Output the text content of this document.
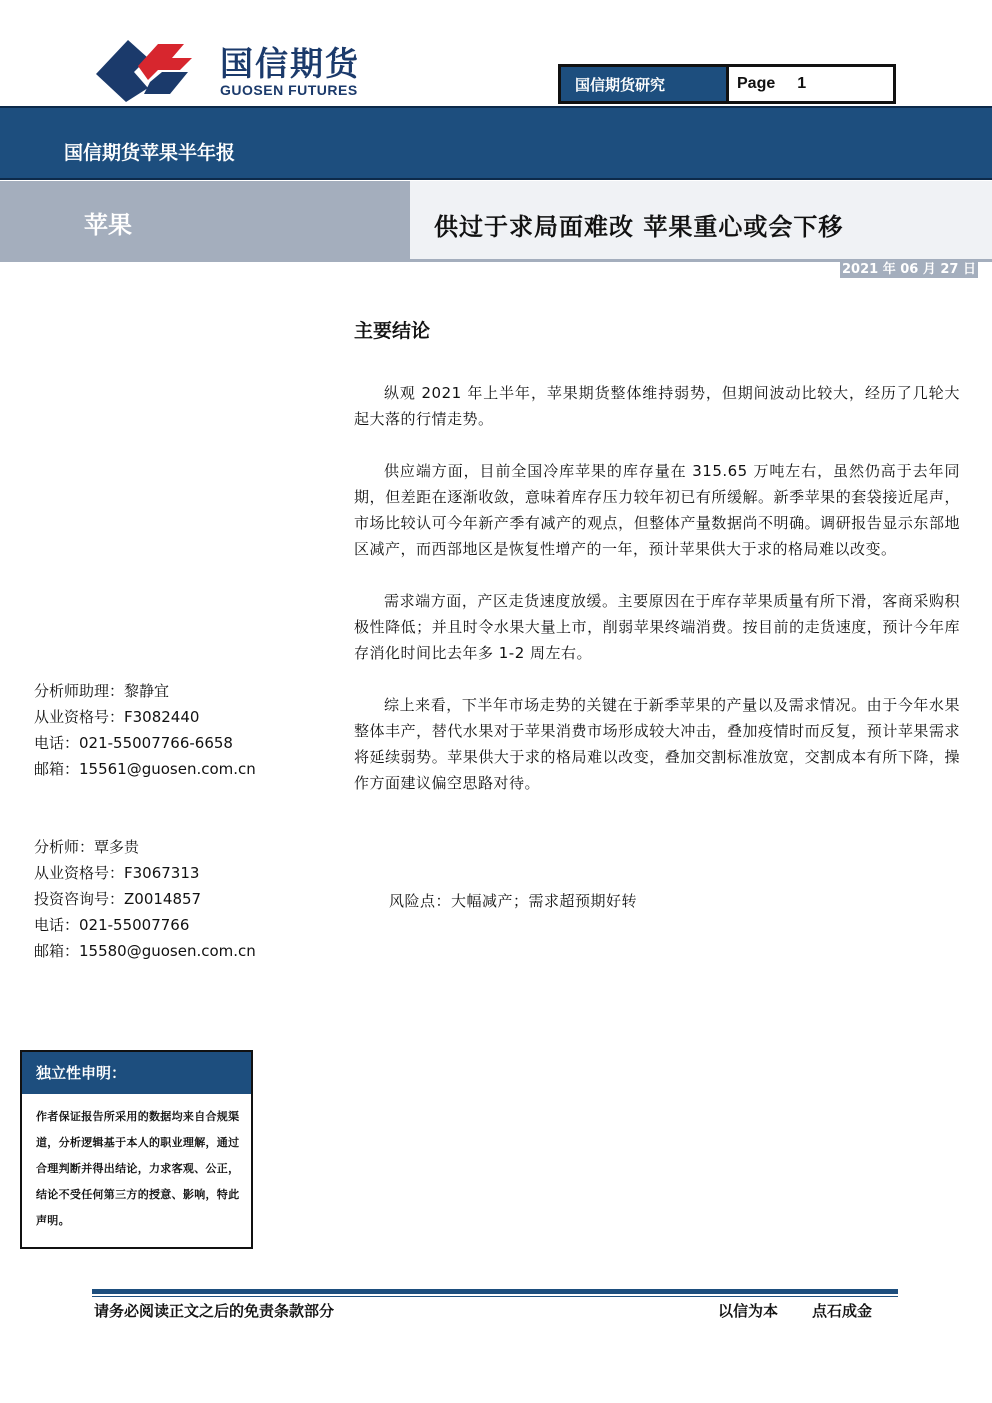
国信期货
GUOSEN FUTURES	国信期货研究	Page 1
国信期货苹果半年报
苹果	供过于求局面难改 苹果重心或会下移
2021 年 06 月 27 日
主要结论

纵观 2021 年上半年，苹果期货整体维持弱势，但期间波动比较大，经历了几轮大起大落的行情走势。

供应端方面，目前全国冷库苹果的库存量在 315.65 万吨左右，虽然仍高于去年同期，但差距在逐渐收敛，意味着库存压力较年初已有所缓解。新季苹果的套袋接近尾声，市场比较认可今年新产季有减产的观点，但整体产量数据尚不明确。调研报告显示东部地区减产，而西部地区是恢复性增产的一年，预计苹果供大于求的格局难以改变。

需求端方面，产区走货速度放缓。主要原因在于库存苹果质量有所下滑，客商采购积极性降低；并且时令水果大量上市，削弱苹果终端消费。按目前的走货速度，预计今年库存消化时间比去年多 1-2 周左右。

综上来看，下半年市场走势的关键在于新季苹果的产量以及需求情况。由于今年水果整体丰产，替代水果对于苹果消费市场形成较大冲击，叠加疫情时而反复，预计苹果需求将延续弱势。苹果供大于求的格局难以改变，叠加交割标准放宽，交割成本有所下降，操作方面建议偏空思路对待。

风险点：大幅减产；需求超预期好转
分析师助理：黎静宜
从业资格号：F3082440
电话：021-55007766-6658
邮箱：15561@guosen.com.cn
分析师：覃多贵
从业资格号：F3067313
投资咨询号：Z0014857
电话：021-55007766
邮箱：15580@guosen.com.cn
独立性申明：
作者保证报告所采用的数据均来自合规渠道，分析逻辑基于本人的职业理解，通过合理判断并得出结论，力求客观、公正，结论不受任何第三方的授意、影响，特此声明。
请务必阅读正文之后的免责条款部分	以信为本 点石成金
